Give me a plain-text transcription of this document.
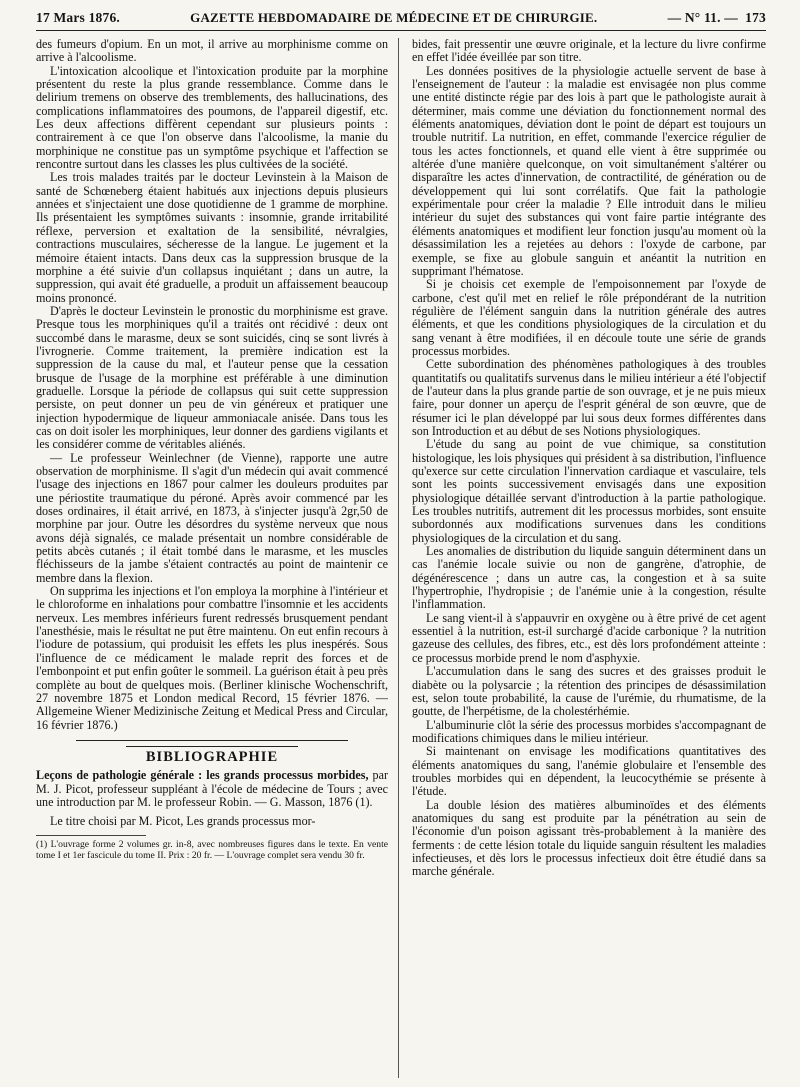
17 Mars 1876.	GAZETTE HEBDOMADAIRE DE MÉDECINE ET DE CHIRURGIE.	— N° 11. — 173

des fumeurs d'opium. En un mot, il arrive au morphinisme comme on arrive à l'alcoolisme.

L'intoxication alcoolique et l'intoxication produite par la morphine présentent du reste la plus grande ressemblance. Comme dans le delirium tremens on observe des tremblements, des hallucinations, des complications inflammatoires des poumons, de l'appareil digestif, etc. Les deux affections diffèrent cependant sur plusieurs points : contrairement à ce que l'on observe dans l'alcoolisme, la manie du morphinique ne constitue pas un symptôme psychique et l'affection se rencontre surtout dans les classes les plus cultivées de la société.

Les trois malades traités par le docteur Levinstein à la Maison de santé de Schœneberg étaient habitués aux injections depuis plusieurs années et s'injectaient une dose quotidienne de 1 gramme de morphine. Ils présentaient les symptômes suivants : insomnie, grande irritabilité réflexe, perversion et exaltation de la sensibilité, névralgies, contractions musculaires, sécheresse de la langue. Le jugement et la mémoire étaient intacts. Dans deux cas la suppression brusque de la morphine a été suivie d'un collapsus inquiétant ; dans un autre, la suppression, qui avait été graduelle, a produit un affaissement beaucoup moins prononcé.

D'après le docteur Levinstein le pronostic du morphinisme est grave. Presque tous les morphiniques qu'il a traités ont récidivé : deux ont succombé dans le marasme, deux se sont suicidés, cinq se sont livrés à l'ivrognerie. Comme traitement, la première indication est la suppression de la cause du mal, et l'auteur pense que la cessation brusque de l'usage de la morphine est préférable à une diminution graduelle. Lorsque la période de collapsus qui suit cette suppression persiste, on peut donner un peu de vin généreux et pratiquer une injection hypodermique de liqueur ammoniacale anisée. Dans tous les cas on doit isoler les morphiniques, leur donner des gardiens vigilants et les considérer comme de véritables aliénés.

— Le professeur Weinlechner (de Vienne), rapporte une autre observation de morphinisme. Il s'agit d'un médecin qui avait commencé l'usage des injections en 1867 pour calmer les douleurs produites par une périostite traumatique du péroné. Après avoir commencé par les doses ordinaires, il était arrivé, en 1873, à s'injecter jusqu'à 2gr,50 de morphine par jour. Outre les désordres du système nerveux que nous avons déjà signalés, ce malade présentait un nombre considérable de petits abcès cutanés ; il était tombé dans le marasme, et les muscles fléchisseurs de la jambe s'étaient contractés au point de maintenir ce membre dans la flexion.

On supprima les injections et l'on employa la morphine à l'intérieur et le chloroforme en inhalations pour combattre l'insomnie et les accidents nerveux. Les membres inférieurs furent redressés brusquement pendant l'anesthésie, mais le résultat ne put être maintenu. On eut enfin recours à l'iodure de potassium, qui produisit les effets les plus inespérés. Sous l'influence de ce médicament le malade reprit des forces et de l'embonpoint et put enfin goûter le sommeil. La guérison était à peu près complète au bout de quelques mois. (Berliner klinische Wochenschrift, 27 novembre 1875 et London medical Record, 15 février 1876. — Allgemeine Wiener Medizinische Zeitung et Medical Press and Circular, 16 février 1876.)

BIBLIOGRAPHIE

Leçons de pathologie générale : les grands processus morbides, par M. J. Picot, professeur suppléant à l'école de médecine de Tours ; avec une introduction par M. le professeur Robin. — G. Masson, 1876 (1).

Le titre choisi par M. Picot, Les grands processus mor-

(1) L'ouvrage forme 2 volumes gr. in-8, avec nombreuses figures dans le texte. En vente tome I et 1er fascicule du tome II. Prix : 20 fr. — L'ouvrage complet sera vendu 30 fr.

bides, fait pressentir une œuvre originale, et la lecture du livre confirme en effet l'idée éveillée par son titre.

Les données positives de la physiologie actuelle servent de base à l'enseignement de l'auteur : la maladie est envisagée non plus comme une entité distincte régie par des lois à part que le pathologiste aurait à déterminer, mais comme une déviation du fonctionnement normal des éléments anatomiques, déviation dont le point de départ est toujours un trouble nutritif. La nutrition, en effet, commande l'exercice régulier de tous les actes fonctionnels, et quand elle vient à être supprimée ou altérée d'une manière quelconque, on voit simultanément s'altérer ou disparaître les actes d'innervation, de contractilité, de génération ou de développement qui lui sont corrélatifs. Que fait la pathologie expérimentale pour créer la maladie ? Elle introduit dans le milieu intérieur du sujet des substances qui vont faire partie intégrante des éléments anatomiques et modifient leur fonction jusqu'au moment où la désassimilation les a rejetées au dehors : l'oxyde de carbone, par exemple, se fixe au globule sanguin et anéantit la nutrition en supprimant l'hématose.

Si je choisis cet exemple de l'empoisonnement par l'oxyde de carbone, c'est qu'il met en relief le rôle prépondérant de la nutrition régulière de l'élément sanguin dans la nutrition générale des autres éléments, et que les conditions physiologiques de la circulation et du sang venant à être modifiées, il en découle toute une série de grands processus morbides.

Cette subordination des phénomènes pathologiques à des troubles quantitatifs ou qualitatifs survenus dans le milieu intérieur a été l'objectif de l'auteur dans la plus grande partie de son ouvrage, et je ne puis mieux faire, pour donner un aperçu de l'esprit général de son œuvre, que de résumer ici le plan développé par lui sous deux formes différentes dans son Introduction et au début de ses Notions physiologiques.

L'étude du sang au point de vue chimique, sa constitution histologique, les lois physiques qui président à sa distribution, l'influence qu'exerce sur cette circulation l'innervation cardiaque et vasculaire, tels sont les points successivement envisagés dans une exposition physiologique détaillée servant d'introduction à la partie pathologique. Les troubles nutritifs, autrement dit les processus morbides, sont ensuite subordonnés aux modifications survenues dans les conditions physiologiques de la circulation et du sang.

Les anomalies de distribution du liquide sanguin déterminent dans un cas l'anémie locale suivie ou non de gangrène, d'atrophie, de dégénérescence ; dans un autre cas, la congestion et à sa suite l'hypertrophie, l'hydropisie ; de l'anémie unie à la congestion, résulte l'inflammation.

Le sang vient-il à s'appauvrir en oxygène ou à être privé de cet agent essentiel à la nutrition, est-il surchargé d'acide carbonique ? la nutrition gazeuse des cellules, des fibres, etc., est dès lors profondément atteinte : ce processus morbide prend le nom d'asphyxie.

L'accumulation dans le sang des sucres et des graisses produit le diabète ou la polysarcie ; la rétention des principes de désassimilation est, selon toute probabilité, la cause de l'urémie, du rhumatisme, de la goutte, de l'herpétisme, de la cholestérhémie.

L'albuminurie clôt la série des processus morbides s'accompagnant de modifications chimiques dans le milieu intérieur.

Si maintenant on envisage les modifications quantitatives des éléments anatomiques du sang, l'anémie globulaire et l'ensemble des troubles morbides qui en dépendent, la leucocythémie se présente à l'étude.

La double lésion des matières albuminoïdes et des éléments anatomiques du sang est produite par la pénétration au sein de l'économie d'un poison agissant très-probablement à la manière des ferments : de cette lésion totale du liquide sanguin résultent les maladies infectieuses, et dès lors le processus infectieux doit être étudié dans sa marche générale.
